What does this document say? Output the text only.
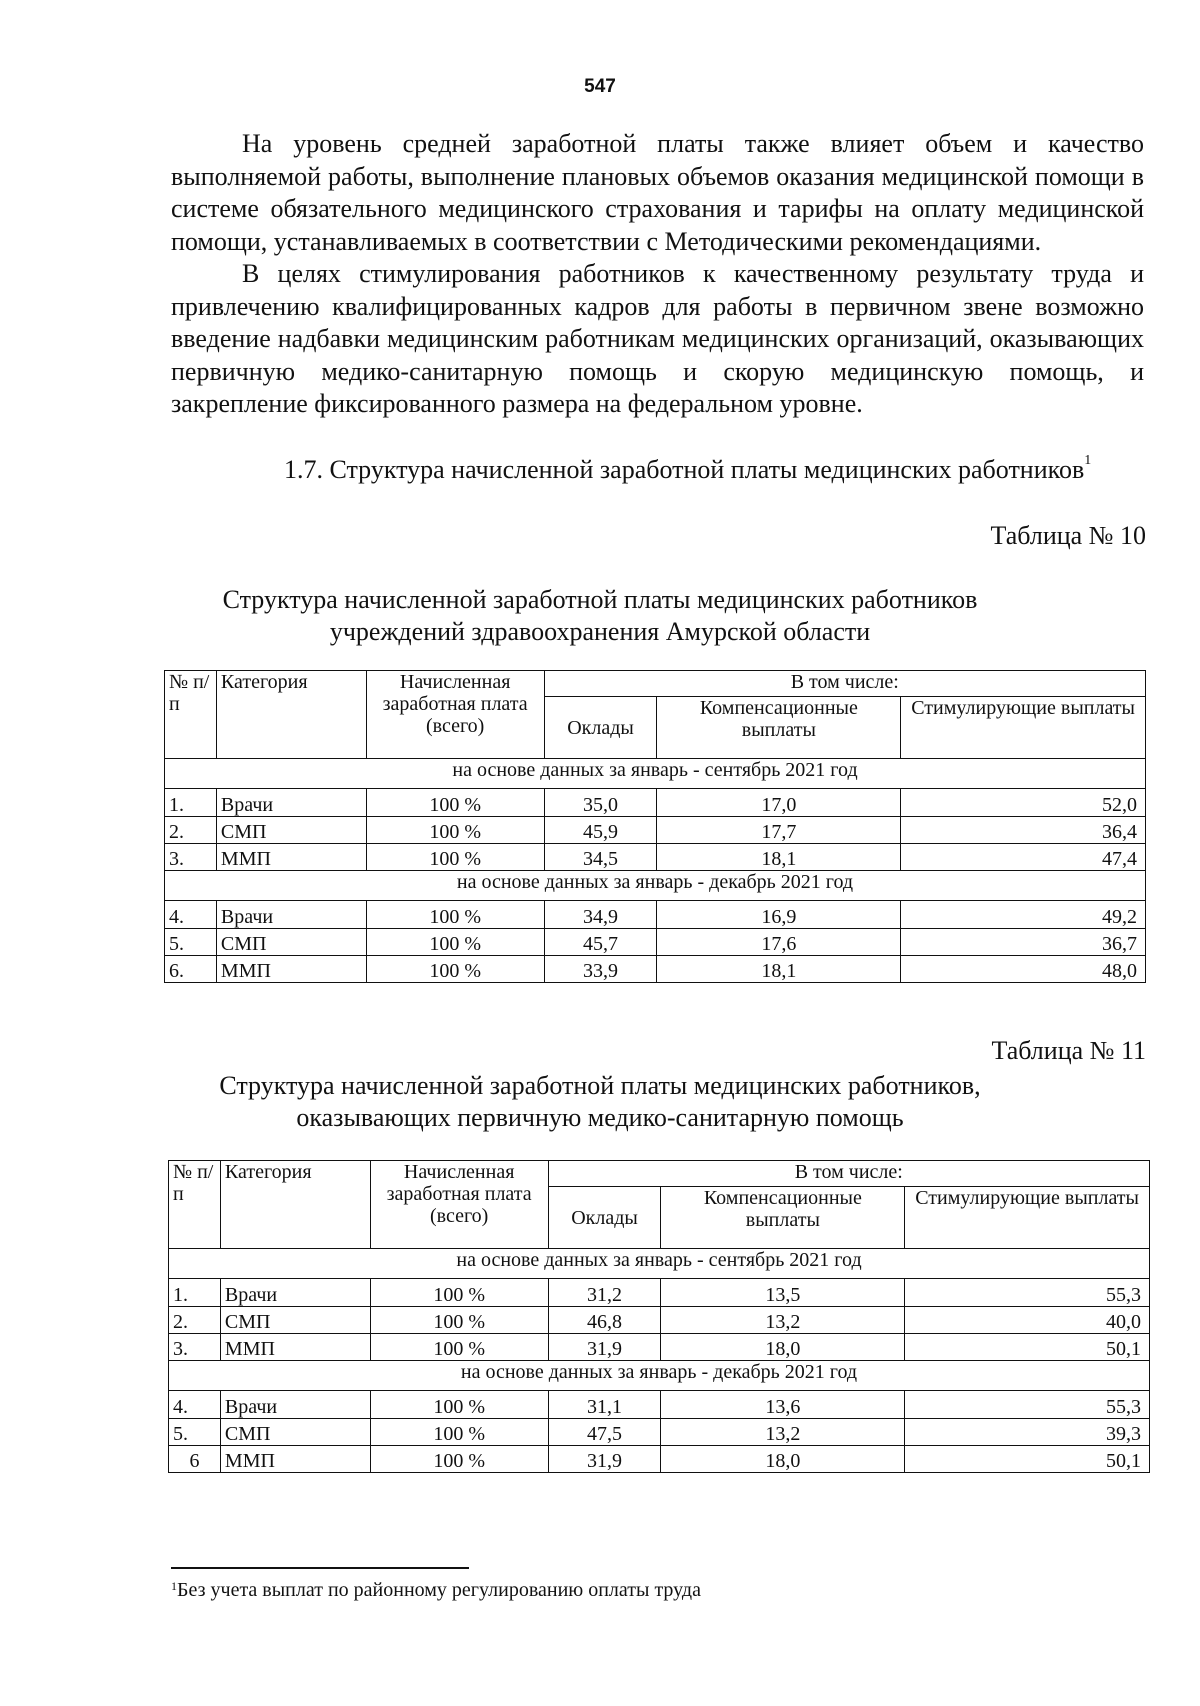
547

На уровень средней заработной платы также влияет объем и качество выполняемой работы, выполнение плановых объемов оказания медицинской помощи в системе обязательного медицинского страхования и тарифы на оплату медицинской помощи, устанавливаемых в соответствии с Методическими рекомендациями.

В целях стимулирования работников к качественному результату труда и привлечению квалифицированных кадров для работы в первичном звене возможно введение надбавки медицинским работникам медицинских организаций, оказывающих первичную медико-санитарную помощь и скорую медицинскую помощь, и закрепление фиксированного размера на федеральном уровне.

1.7. Структура начисленной заработной платы медицинских работников$^1$
Таблица № 10
Структура начисленной заработной платы медицинских работников
учреждений здравоохранения Амурской области
№ п/п	Категория	Начисленная заработная плата (всего)	В том числе:		
			Оклады	Компенсационные выплаты	Стимулирующие выплаты
на основе данных за январь - сентябрь 2021 год					
1.	Врачи	100 %	35,0	17,0	52,0
2.	СМП	100 %	45,9	17,7	36,4
3.	ММП	100 %	34,5	18,1	47,4
на основе данных за январь - декабрь 2021 год					
4.	Врачи	100 %	34,9	16,9	49,2
5.	СМП	100 %	45,7	17,6	36,7
6.	ММП	100 %	33,9	18,1	48,0
Таблица № 11
Структура начисленной заработной платы медицинских работников,
оказывающих первичную медико-санитарную помощь
№ п/п	Категория	Начисленная заработная плата (всего)	В том числе:		
			Оклады	Компенсационные выплаты	Стимулирующие выплаты
на основе данных за январь - сентябрь 2021 год					
1.	Врачи	100 %	31,2	13,5	55,3
2.	СМП	100 %	46,8	13,2	40,0
3.	ММП	100 %	31,9	18,0	50,1
на основе данных за январь - декабрь 2021 год					
4.	Врачи	100 %	31,1	13,6	55,3
5.	СМП	100 %	47,5	13,2	39,3
6	ММП	100 %	31,9	18,0	50,1
$^1$Без учета выплат по районному регулированию оплаты труда
